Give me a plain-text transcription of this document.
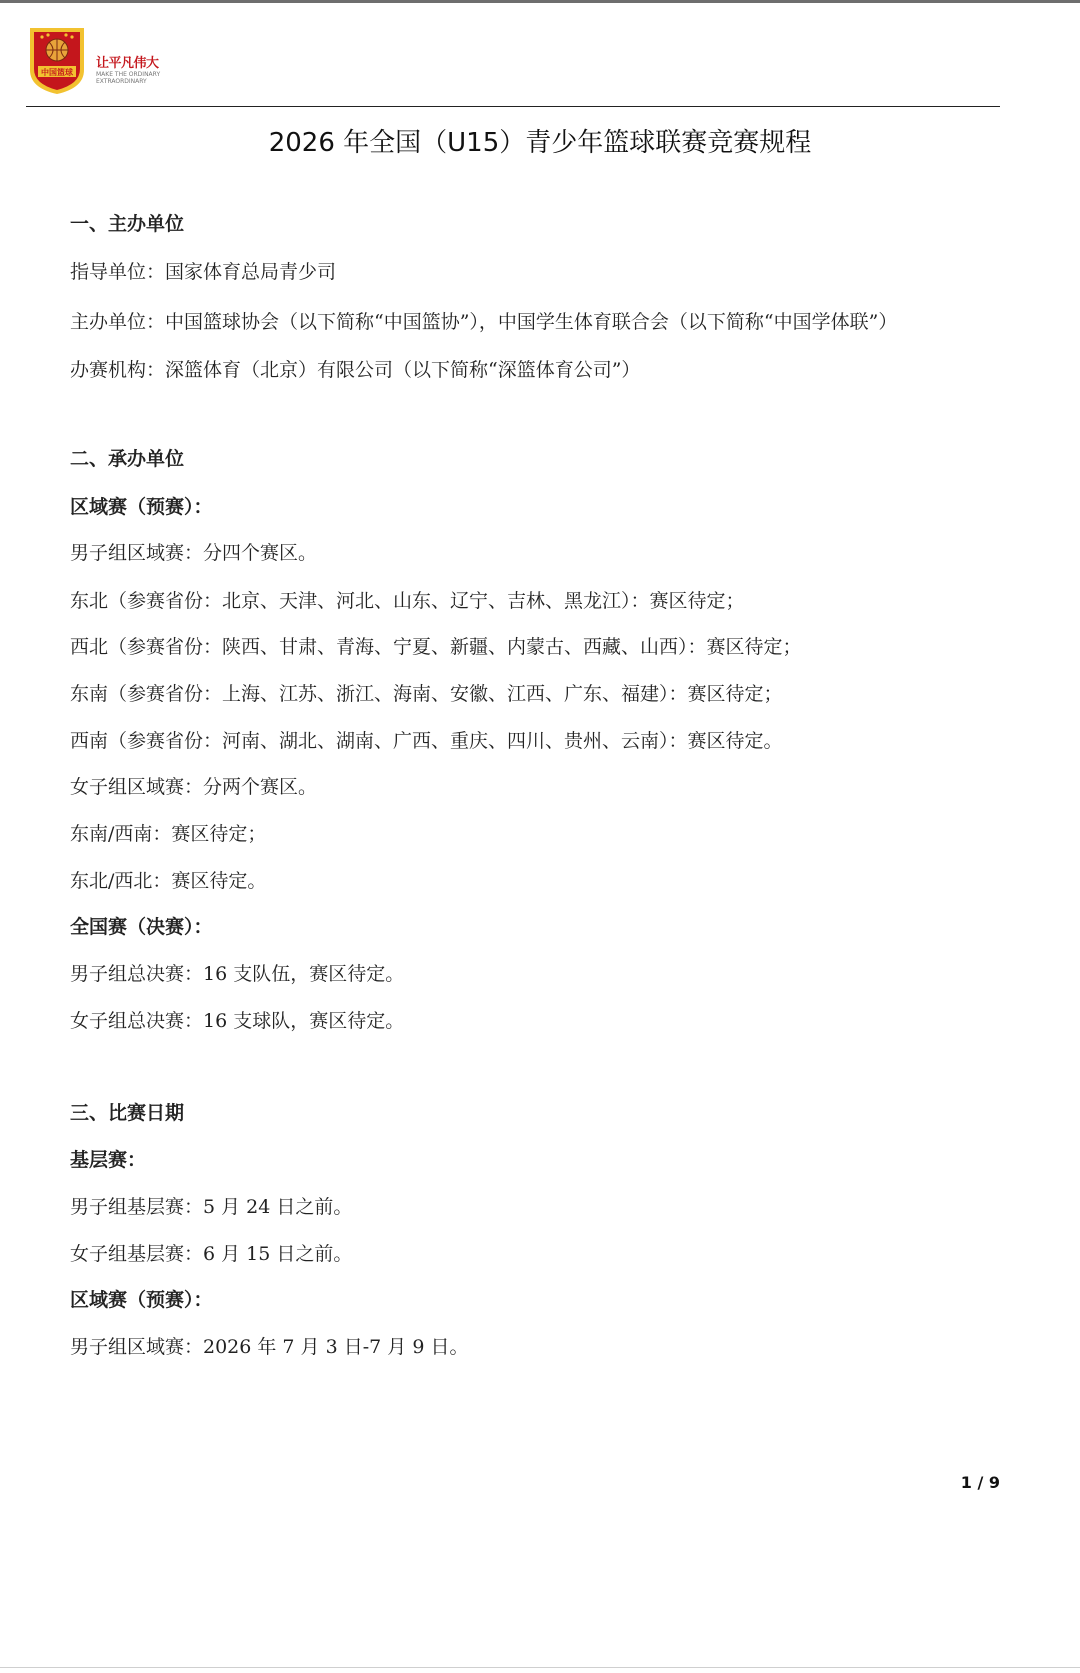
中国篮球
让平凡伟大
MAKE THE ORDINARY EXTRAORDINARY
2026 年全国（U15）青少年篮球联赛竞赛规程
一、主办单位
指导单位：国家体育总局青少司
主办单位：中国篮球协会（以下简称“中国篮协”），中国学生体育联合会（以下简称“中国学体联”）
办赛机构：深篮体育（北京）有限公司（以下简称“深篮体育公司”）
二、承办单位
区域赛（预赛）：
男子组区域赛：分四个赛区。
东北（参赛省份：北京、天津、河北、山东、辽宁、吉林、黑龙江）：赛区待定；
西北（参赛省份：陕西、甘肃、青海、宁夏、新疆、内蒙古、西藏、山西）：赛区待定；
东南（参赛省份：上海、江苏、浙江、海南、安徽、江西、广东、福建）：赛区待定；
西南（参赛省份：河南、湖北、湖南、广西、重庆、四川、贵州、云南）：赛区待定。
女子组区域赛：分两个赛区。
东南/西南：赛区待定；
东北/西北：赛区待定。
全国赛（决赛）：
男子组总决赛：16 支队伍，赛区待定。
女子组总决赛：16 支球队，赛区待定。
三、比赛日期
基层赛：
男子组基层赛：5 月 24 日之前。
女子组基层赛：6 月 15 日之前。
区域赛（预赛）：
男子组区域赛：2026 年 7 月 3 日-7 月 9 日。
1 / 9
